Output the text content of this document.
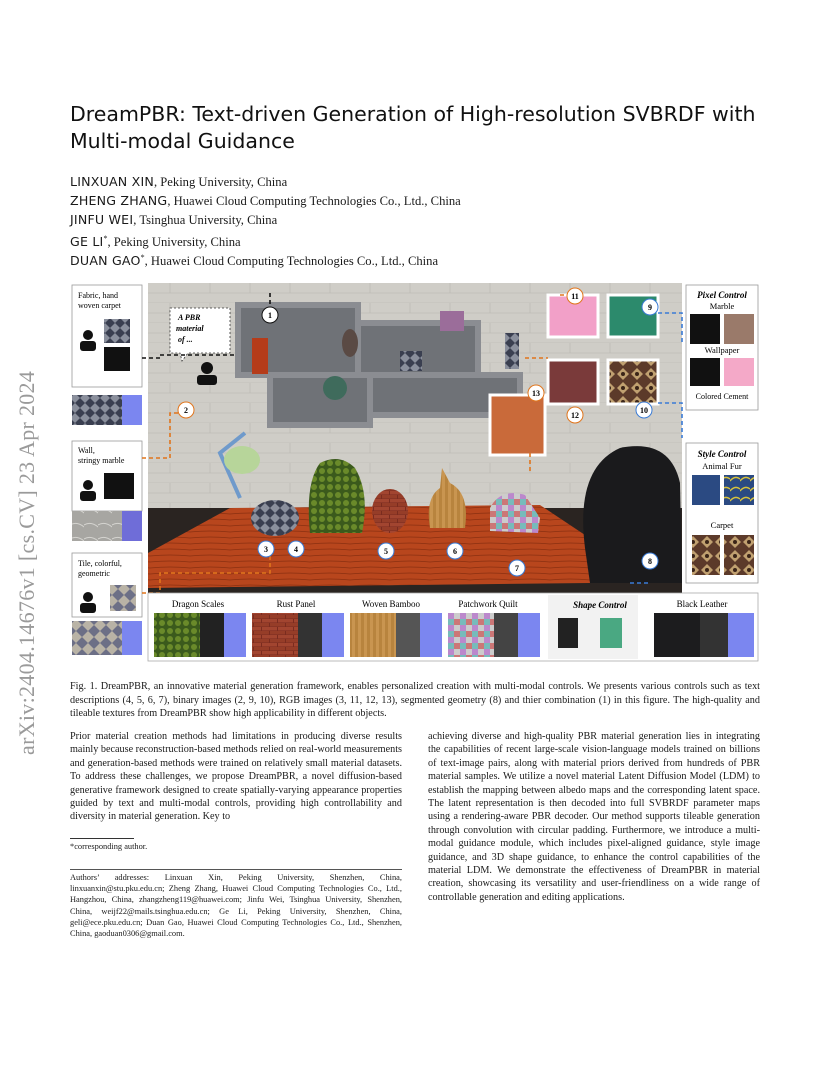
arXiv:2404.14676v1 [cs.CV] 23 Apr 2024
DreamPBR: Text-driven Generation of High-resolution SVBRDF with Multi-modal Guidance
LINXUAN XIN, Peking University, China
ZHENG ZHANG, Huawei Cloud Computing Technologies Co., Ltd., China
JINFU WEI, Tsinghua University, China
GE LI*, Peking University, China
DUAN GAO*, Huawei Cloud Computing Technologies Co., Ltd., China
Fabric, hand
woven carpet
Wall,
stringy marble
Tile, colorful,
geometric
A PBR
material
of ...
1
2
3	4	5	6
7
8
9
10
11
12
13
Pixel Control
Marble
Wallpaper
Colored Cement
Style Control
Animal Fur
Carpet
Dragon Scales	Rust Panel	Woven Bamboo	Patchwork Quilt	Shape Control	Black Leather
Fig. 1. DreamPBR, an innovative material generation framework, enables personalized creation with multi-modal controls. We presents various controls such as text descriptions (4, 5, 6, 7), binary images (2, 9, 10), RGB images (3, 11, 12, 13), segmented geometry (8) and thier combination (1) in this figure. The high-quality and tileable textures from DreamPBR show high applicability in different objects.
Prior material creation methods had limitations in producing diverse results mainly because reconstruction-based methods relied on real-world measurements and generation-based methods were trained on relatively small material datasets. To address these challenges, we propose DreamPBR, a novel diffusion-based generative framework designed to create spatially-varying appearance properties guided by text and multi-modal controls, providing high controllability and diversity in material generation. Key to
achieving diverse and high-quality PBR material generation lies in integrating the capabilities of recent large-scale vision-language models trained on billions of text-image pairs, along with material priors derived from hundreds of PBR material samples. We utilize a novel material Latent Diffusion Model (LDM) to establish the mapping between albedo maps and the corresponding latent space. The latent representation is then decoded into full SVBRDF parameter maps using a rendering-aware PBR decoder. Our method supports tileable generation through convolution with circular padding. Furthermore, we introduce a multi-modal guidance module, which includes pixel-aligned guidance, style image guidance, and 3D shape guidance, to enhance the control capabilities of the material LDM. We demonstrate the effectiveness of DreamPBR in material creation, showcasing its versatility and user-friendliness on a wide range of controllable generation and editing applications.
*corresponding author.
Authors’ addresses: Linxuan Xin, Peking University, Shenzhen, China, linxuanxin@stu.pku.edu.cn; Zheng Zhang, Huawei Cloud Computing Technologies Co., Ltd., Hangzhou, China, zhangzheng119@huawei.com; Jinfu Wei, Tsinghua University, Shenzhen, China, weijf22@mails.tsinghua.edu.cn; Ge Li, Peking University, Shenzhen, China, geli@ece.pku.edu.cn; Duan Gao, Huawei Cloud Computing Technologies Co., Ltd., Shenzhen, China, gaoduan0306@gmail.com.
